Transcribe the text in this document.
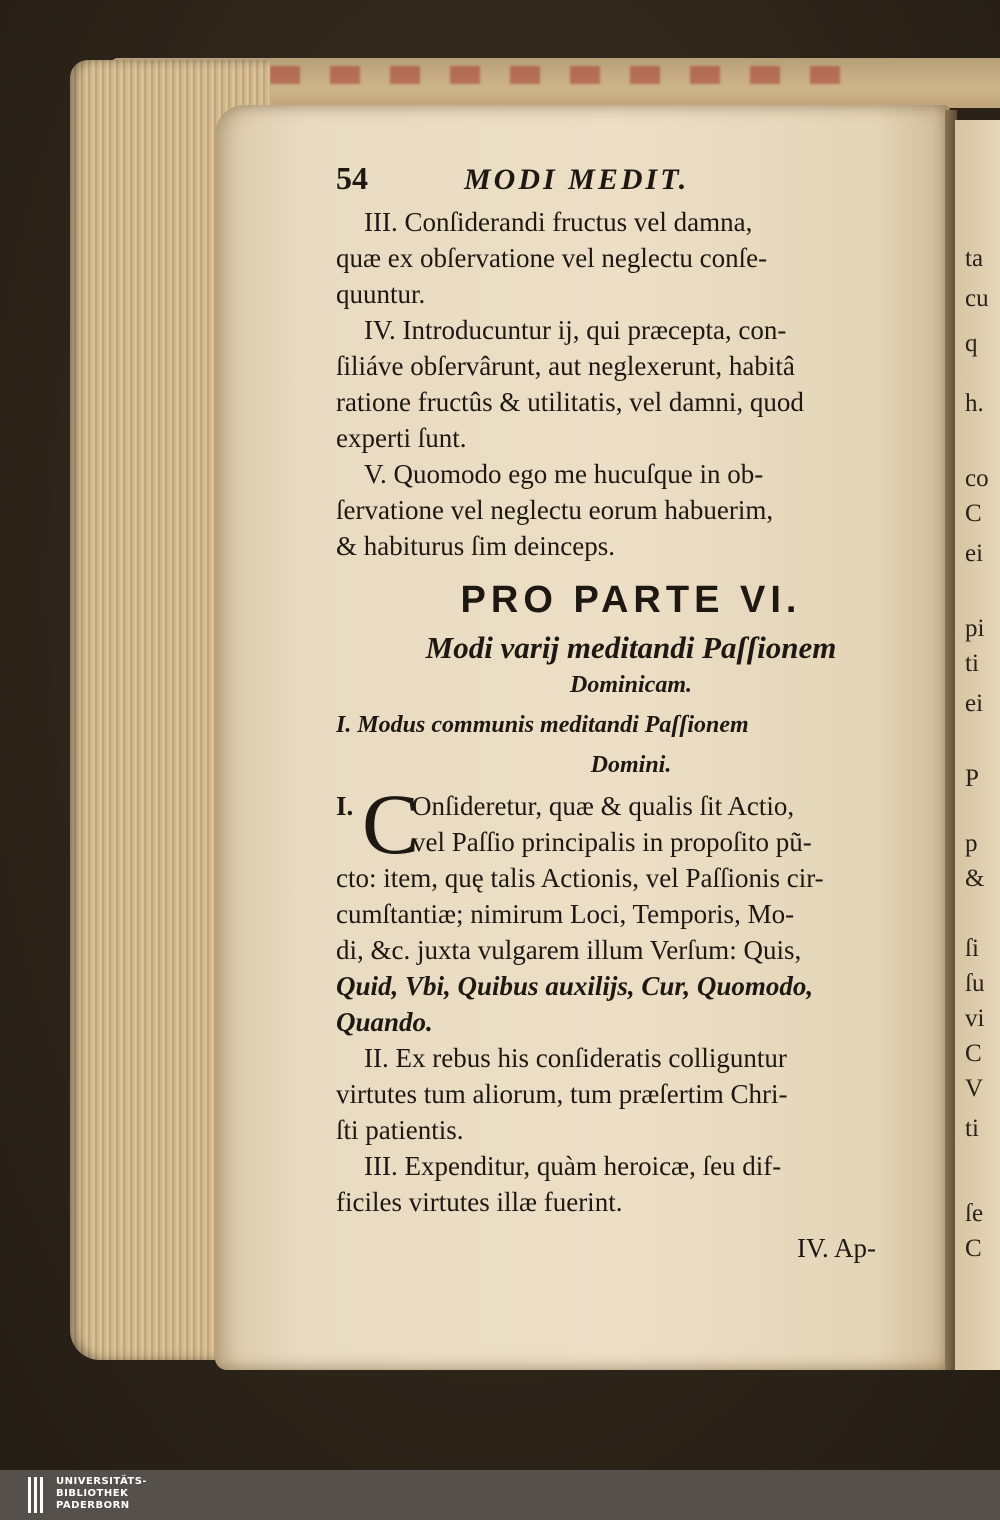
ta
cu
q
h.
co
C
ei
pi
ti
ei
P
p
&
ſi
ſu
vi
C
V
ti
ſe
C
54	MODI MEDIT.
III. Conſiderandi fructus vel damna,
quæ ex obſervatione vel neglectu conſe-
quuntur.
IV. Introducuntur ij, qui præcepta, con-
ſiliáve obſervârunt, aut neglexerunt, habitâ
ratione fructûs & utilitatis, vel damni, quod
experti ſunt.
V. Quomodo ego me hucuſque in ob-
ſervatione vel neglectu eorum habuerim,
& habiturus ſim deinceps.
PRO PARTE VI.
Modi varij meditandi Paſſionem
Dominicam.
I. Modus communis meditandi Paſſionem
Domini.
I. C
Onſideretur, quæ & qualis ſit Actio,
vel Paſſio principalis in propoſito pũ-
cto: item, quę talis Actionis, vel Paſſionis cir-
cumſtantiæ; nimirum Loci, Temporis, Mo-
di, &c. juxta vulgarem illum Verſum: Quis,
Quid, Vbi, Quibus auxilijs, Cur, Quomodo,
Quando.
II. Ex rebus his conſideratis colliguntur
virtutes tum aliorum, tum præſertim Chri-
ſti patientis.
III. Expenditur, quàm heroicæ, ſeu dif-
ficiles virtutes illæ fuerint.
IV. Ap-
UNIVERSITÄTS-
BIBLIOTHEK
PADERBORN
